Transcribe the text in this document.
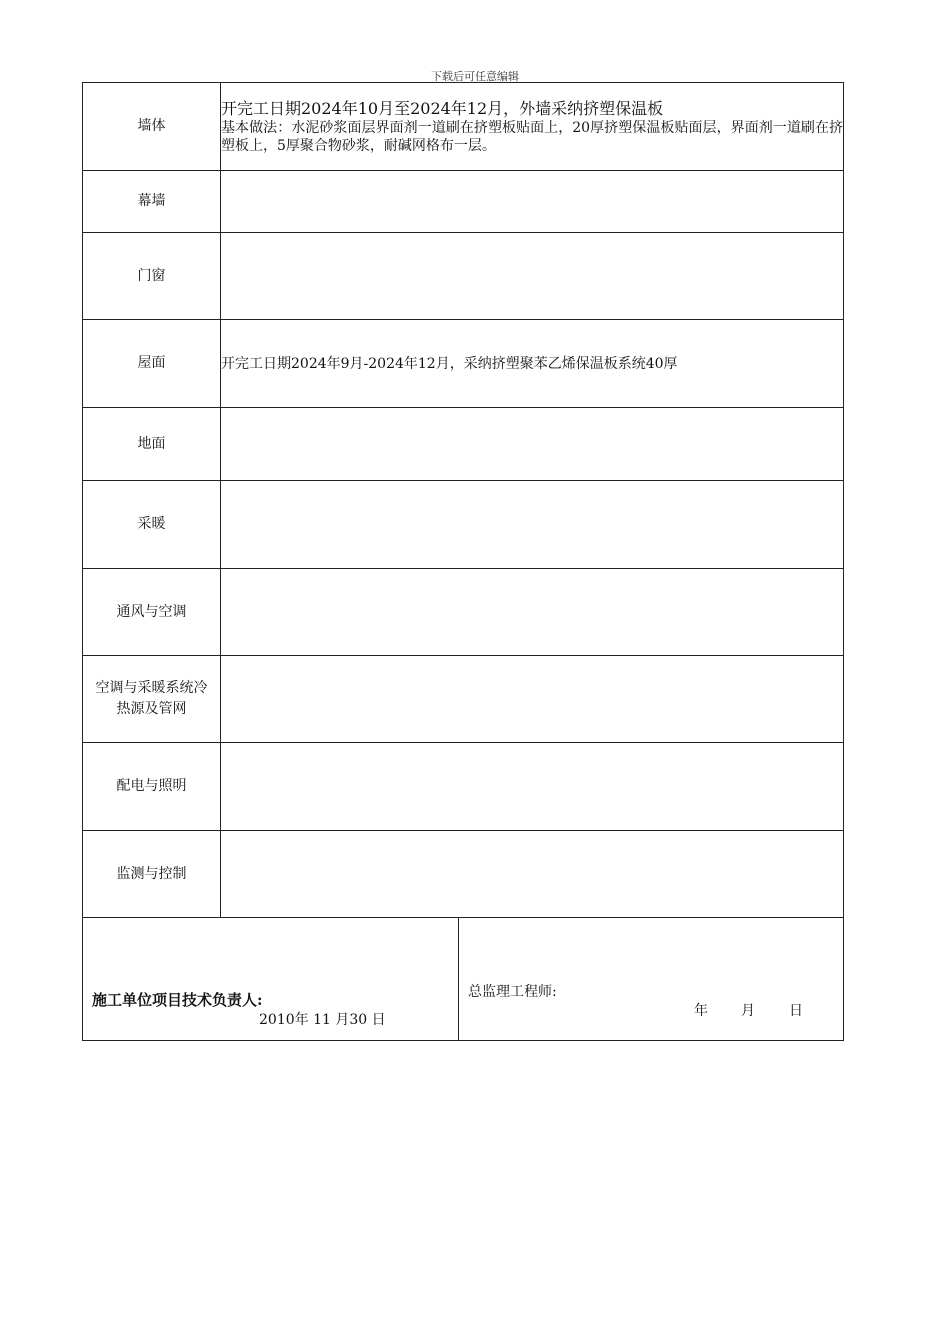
下载后可任意编辑
墙体	开完工日期2024年10月至2024年12月，外墙采纳挤塑保温板
基本做法：水泥砂浆面层界面剂一道刷在挤塑板贴面上，20厚挤塑保温板贴面层，界面剂一道刷在挤塑板上，5厚聚合物砂浆，耐碱网格布一层。

幕墙	
门窗	
屋面	开完工日期2024年9月-2024年12月，采纳挤塑聚苯乙烯保温板系统40厚

地面	
采暖	
通风与空调	
空调与采暖系统冷热源及管网	
配电与照明	
监测与控制	
施工单位项目技术负责人:
2010年 11 月30 日

总监理工程师:
年 月 日
